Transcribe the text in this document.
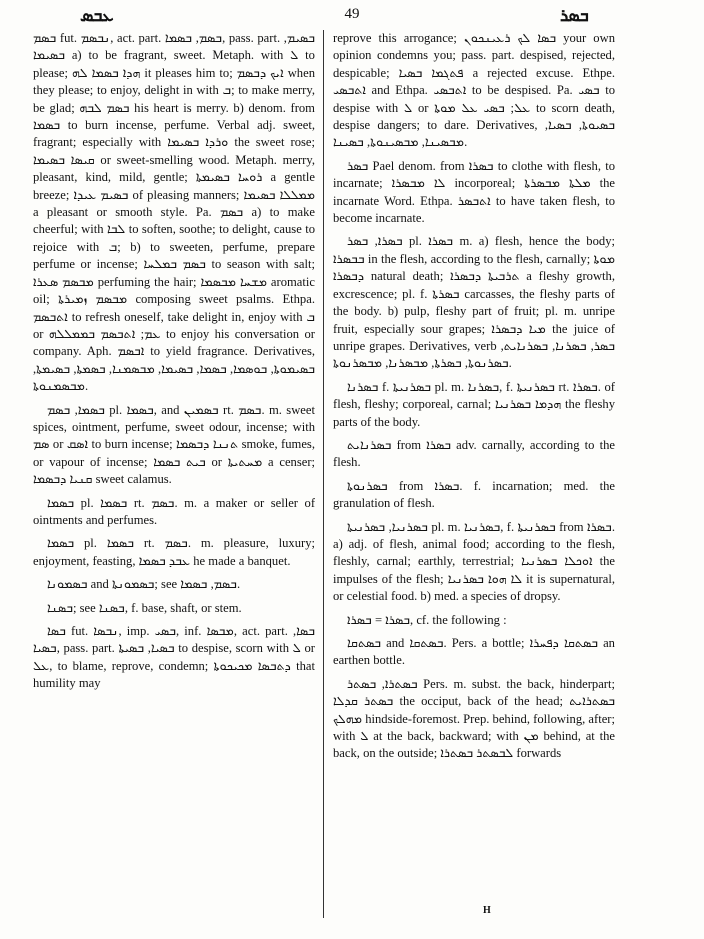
ܥܒܣ	49	ܒܣܪ

ܒܣܡ fut. ܢܒܣܡ, act. part. ܒܣܡ, ܒܣܡܐ, pass. part. ܒܣܝܡ, ܒܣܝܡܐ a) to be fragrant, sweet. Metaph. with ܠ to please; ܗܕܐ ܒܣܡܐ ܠܗ it pleases him to; ܐܝܟ ܕܒܣܡ when they please; to enjoy, delight in with ܒ; to make merry, be glad; ܒܣܡ ܠܒܗ his heart is merry. b) denom. from ܒܣܡܐ to burn incense, perfume. Verbal adj. sweet, fragrant; especially with ܘܪܕܐ ܒܣܝܡܐ the sweet rose; ܩܝܣܐ ܒܣܝܡܐ or sweet-smelling wood. Metaph. merry, pleasant, kind, mild, gentle; ܪܘܚܐ ܒܣܝܡܬܐ a gentle breeze; ܒܣܝܡ ܥܝܕܐ of pleasing manners; ܡܡܠܠܐ ܒܣܝܡܐ a pleasant or smooth style. Pa. ܒܣܡ a) to make cheerful; with ܠܒܐ to soften, soothe; to delight, cause to rejoice with ܒ; b) to sweeten, perfume, prepare perfume or incense; ܒܣܡ ܒܡܠܚܐ to season with salt; ܡܒܣܡ ܣܥܪܐ perfuming the hair; ܡܫܚܐ ܡܒܣܡܐ aromatic oil; ܡܒܣܡ ܙܡܝܪܬܐ composing sweet psalms. Ethpa. ܐܬܒܣܡ to refresh oneself, take delight in, enjoy with ܒ or ܥܡ; ܐܬܒܣܡ ܒܡܡܠܠܗ to enjoy his conversation or company. Aph. ܐܒܣܡ to yield fragrance. Derivatives, ܒܣܝܡܘܬܐ, ܒܘܣܡܐ, ܒܣܡܐ, ܒܣܝܡܐ, ܡܒܣܡܢܐ, ܒܣܡܬܐ, ܒܣܝܡܬܐ, ܡܒܣܡܢܘܬܐ.

ܒܣܡܐ, ܒܣܡ pl. ܒܣܡܐ, and ܒܣܡܝܢ rt. ܒܣܡ. m. sweet spices, ointment, perfume, sweet odour, incense; with ܣܡ or ܐܣܩ to burn incense; ܬܢܢܐ ܕܒܣܡܐ smoke, fumes, or vapour of incense; ܒܝܬ ܒܣܡܐ or ܡܚܬܝܬܐ a censer; ܩܢܝܐ ܕܒܣܡܐ sweet calamus.

ܒܣܡܐ pl. ܒܣܡܐ rt. ܒܣܡ. m. a maker or seller of ointments and perfumes.

ܒܣܡܐ pl. ܒܣܡܐ rt. ܒܣܡ. m. pleasure, luxury; enjoyment, feasting, ܥܒܕ ܒܣܡܐ he made a banquet.

ܒܣܡܘܢܐ and ܒܣܡܘܢܬܐ; see ܒܣܡ, ܒܣܡܐ.

ܒܣܢܐ; see ܒܣܢܐ, f. base, shaft, or stem.

ܒܣܐ fut. ܢܒܣܐ, imp. ܒܣܝ, inf. ܡܒܣܐ, act. part. ܒܣܐ, ܒܣܝܐ, pass. part. ܒܣܝܐ, ܒܣܝܬܐ to despise, scorn with ܠ or ܥܠ, to blame, reprove, condemn; ܕܬܒܣܐ ܡܟܝܟܘܬܐ that humility may

reprove this arrogance; ܒܣܐ ܠܟ ܪܥܝܢܟܘܢ your own opinion condemns you; pass. part. despised, rejected, despicable; ܦܬܓܡܐ ܒܣܝܐ a rejected excuse. Ethpe. ܐܬܒܣܝ and Ethpa. ܐܬܒܣܝ to be despised. Pa. ܒܣܝ to despise with ܠ or ܥܠ; ܒܣܝ ܥܠ ܡܘܬܐ to scorn death, despise dangers; to dare. Derivatives, ܒܣܝܘܬܐ, ܒܣܝܐ, ܡܒܣܝܢܐ, ܡܒܣܝܢܘܬܐ, ܒܣܝܢܐ.

ܒܣܪ Pael denom. from ܒܣܪܐ to clothe with flesh, to incarnate; ܠܐ ܡܒܣܪܐ incorporeal; ܡܠܬܐ ܡܒܣܪܬܐ the incarnate Word. Ethpa. ܐܬܒܣܪ to have taken flesh, to become incarnate.

ܒܣܪܐ, ܒܣܪ pl. ܒܣܪܐ m. a) flesh, hence the body; ܒܒܣܪܐ in the flesh, according to the flesh, carnally; ܡܘܬܐ ܕܒܣܪܐ natural death; ܬܪܒܝܬܐ ܕܒܣܪܐ a fleshy growth, excrescence; pl. f. ܒܣܪܬܐ carcasses, the fleshy parts of the body. b) pulp, fleshy part of fruit; pl. m. unripe fruit, especially sour grapes; ܡܝܐ ܕܒܣܪܐ the juice of unripe grapes. Derivatives, verb ܒܣܪ, ܒܣܪܢܐ, ܒܣܪܢܐܝܬ, ܒܣܪܢܘܬܐ, ܒܣܪܬܐ, ܡܒܣܪܢܐ, ܡܒܣܪܢܘܬܐ.

ܒܣܪܢܐ f. ܒܣܪܢܝܬܐ pl. m. ܒܣܪܢܐ, f. ܒܣܪܢܝܬܐ rt. ܒܣܪܐ. of flesh, fleshy; corporeal, carnal; ܗܕܡܐ ܒܣܪܢܝܐ the fleshy parts of the body.

ܒܣܪܢܐܝܬ from ܒܣܪܐ adv. carnally, according to the flesh.

ܒܣܪܢܘܬܐ from ܒܣܪܐ. f. incarnation; med. the granulation of flesh.

ܒܣܪܢܝܐ, ܒܣܪܢܝܬܐ pl. m. ܒܣܪܢܝܐ, f. ܒܣܪܢܝܬܐ from ܒܣܪܐ. a) adj. of flesh, animal food; according to the flesh, fleshly, carnal; earthly, terrestrial; ܐܘܟܠܐ ܒܣܪܢܝܐ the impulses of the flesh; ܠܐ ܗܘܐ ܒܣܪܢܝܐ it is supernatural, or celestial food. b) med. a species of dropsy.

ܒܣܪܐ = ܒܣܪܐ, cf. the following :

ܒܣܬܩܐ and ܒܣܬܩܐ. Pers. a bottle; ܒܣܬܩܐ ܕܦܚܪܐ an earthen bottle.

ܒܣܬܪܐ, ܒܣܬܪ Pers. m. subst. the back, hinderpart; ܒܣܬܪ ܩܕܠܐ the occiput, back of the head; ܒܣܬܪܐܝܬ ܡܗܠܟ hindside-foremost. Prep. behind, following, after; with ܠ at the back, backward; with ܡܢ behind, at the back, on the outside; ܠܒܣܬܪ ܒܣܬܪܐ forwards

H
